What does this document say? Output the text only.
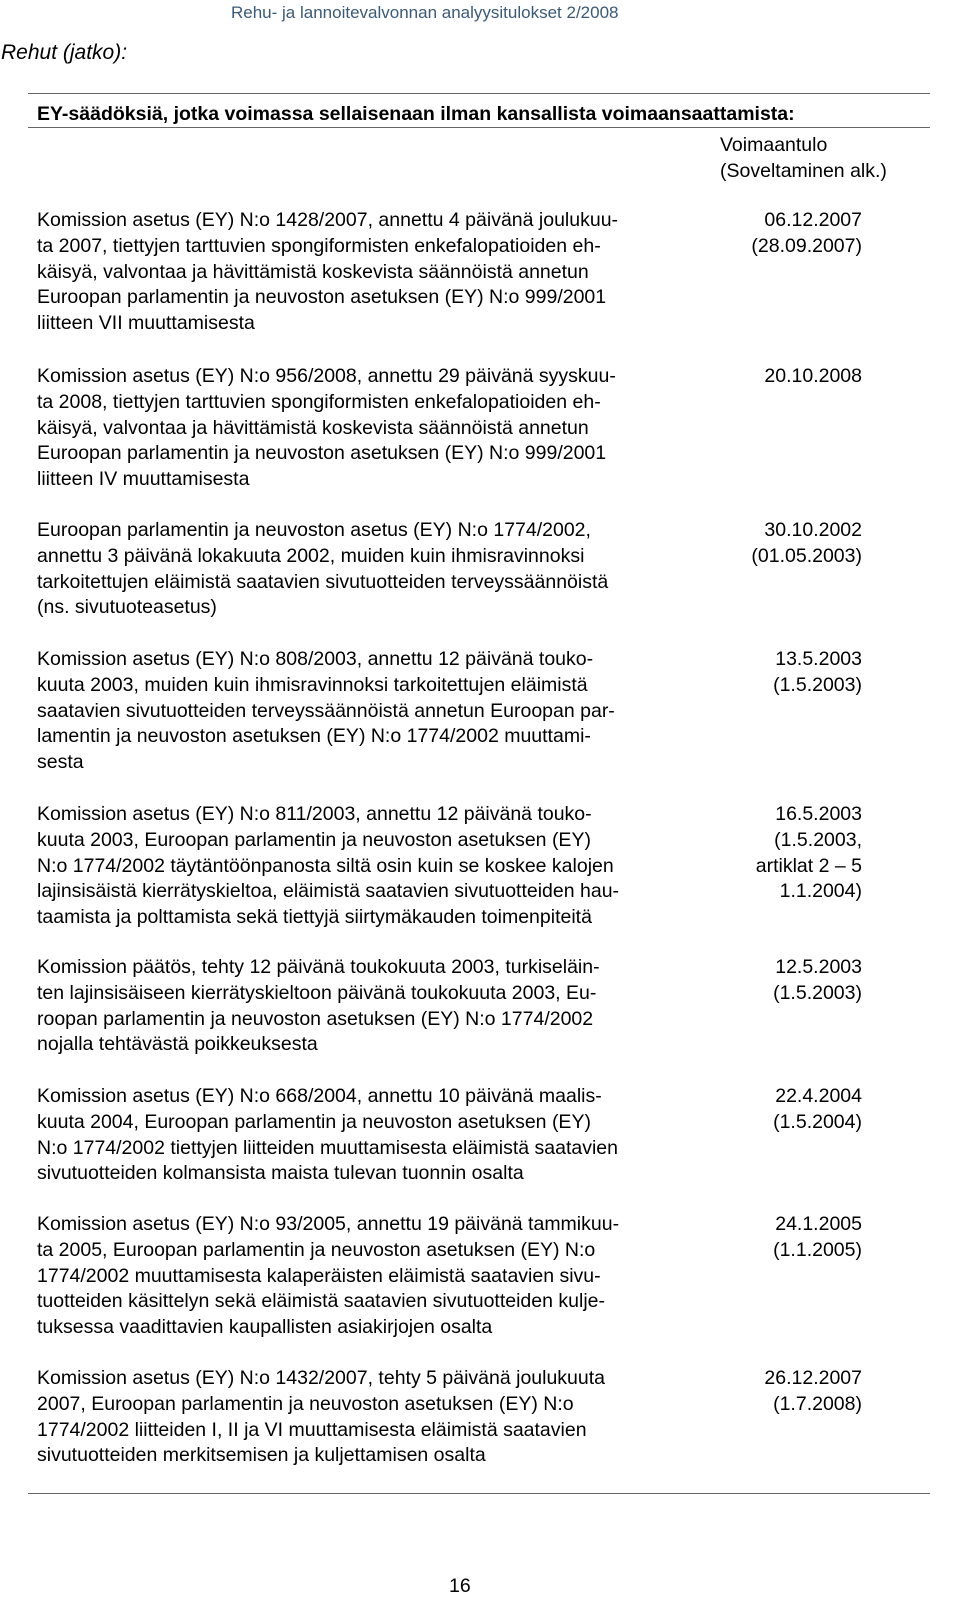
Rehut (jatko):
Rehu- ja lannoitevalvonnan analyysitulokset 2/2008
EY-säädöksiä, jotka voimassa sellaisenaan ilman kansallista voimaansaattamista:
Voimaantulo
(Soveltaminen alk.)
Komission asetus (EY) N:o 1428/2007, annettu 4 päivänä joulukuu-
ta 2007, tiettyjen tarttuvien spongiformisten enkefalopatioiden eh-
käisyä, valvontaa ja hävittämistä koskevista säännöistä annetun
Euroopan parlamentin ja neuvoston asetuksen (EY) N:o 999/2001
liitteen VII muuttamisesta
06.12.2007
(28.09.2007)
Komission asetus (EY) N:o 956/2008, annettu 29 päivänä syyskuu-
ta 2008, tiettyjen tarttuvien spongiformisten enkefalopatioiden eh-
käisyä, valvontaa ja hävittämistä koskevista säännöistä annetun
Euroopan parlamentin ja neuvoston asetuksen (EY) N:o 999/2001
liitteen IV muuttamisesta
20.10.2008
Euroopan parlamentin ja neuvoston asetus (EY) N:o 1774/2002,
annettu 3 päivänä lokakuuta 2002, muiden kuin ihmisravinnoksi
tarkoitettujen eläimistä saatavien sivutuotteiden terveyssäännöistä
(ns. sivutuoteasetus)
30.10.2002
(01.05.2003)
Komission asetus (EY) N:o 808/2003, annettu 12 päivänä touko-
kuuta 2003, muiden kuin ihmisravinnoksi tarkoitettujen eläimistä
saatavien sivutuotteiden terveyssäännöistä annetun Euroopan par-
lamentin ja neuvoston asetuksen (EY) N:o 1774/2002 muuttami-
sesta
13.5.2003
(1.5.2003)
Komission asetus (EY) N:o 811/2003, annettu 12 päivänä touko-
kuuta 2003, Euroopan parlamentin ja neuvoston asetuksen (EY)
N:o 1774/2002 täytäntöönpanosta siltä osin kuin se koskee kalojen
lajinsisäistä kierrätyskieltoa, eläimistä saatavien sivutuotteiden hau-
taamista ja polttamista sekä tiettyjä siirtymäkauden toimenpiteitä
16.5.2003
(1.5.2003,
artiklat 2 – 5
1.1.2004)
Komission päätös, tehty 12 päivänä toukokuuta 2003, turkiseläin-
ten lajinsisäiseen kierrätyskieltoon päivänä toukokuuta 2003, Eu-
roopan parlamentin ja neuvoston asetuksen (EY) N:o 1774/2002
nojalla tehtävästä poikkeuksesta
12.5.2003
(1.5.2003)
Komission asetus (EY) N:o 668/2004, annettu 10 päivänä maalis-
kuuta 2004, Euroopan parlamentin ja neuvoston asetuksen (EY)
N:o 1774/2002 tiettyjen liitteiden muuttamisesta eläimistä saatavien
sivutuotteiden kolmansista maista tulevan tuonnin osalta
22.4.2004
(1.5.2004)
Komission asetus (EY) N:o 93/2005, annettu 19 päivänä tammikuu-
ta 2005, Euroopan parlamentin ja neuvoston asetuksen (EY) N:o
1774/2002 muuttamisesta kalaperäisten eläimistä saatavien sivu-
tuotteiden käsittelyn sekä eläimistä saatavien sivutuotteiden kulje-
tuksessa vaadittavien kaupallisten asiakirjojen osalta
24.1.2005
(1.1.2005)
Komission asetus (EY) N:o 1432/2007, tehty 5 päivänä joulukuuta
2007, Euroopan parlamentin ja neuvoston asetuksen (EY) N:o
1774/2002 liitteiden I, II ja VI muuttamisesta eläimistä saatavien
sivutuotteiden merkitsemisen ja kuljettamisen osalta
26.12.2007
(1.7.2008)
16
